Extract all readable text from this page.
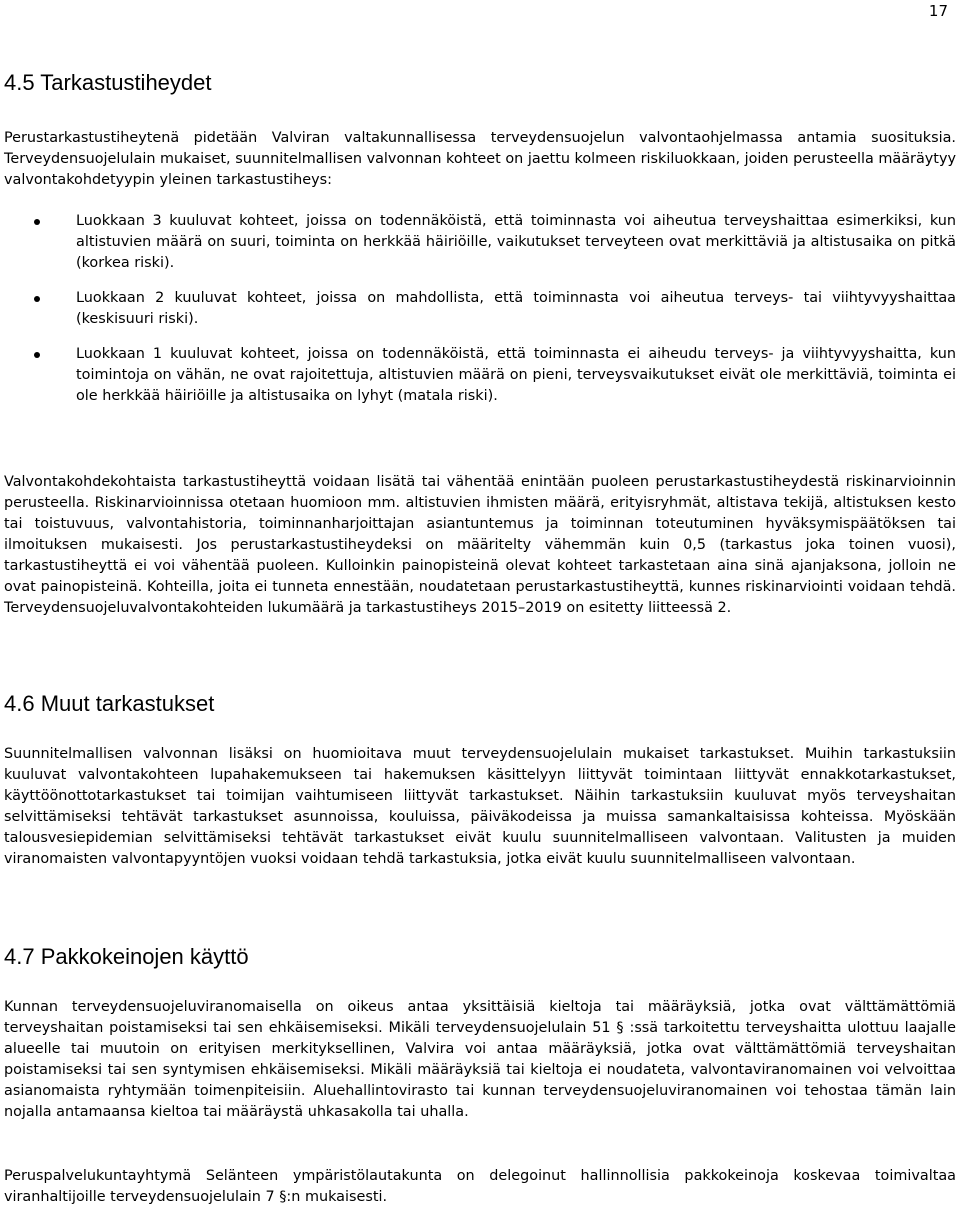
17
4.5 Tarkastustiheydet

Perustarkastustiheytenä pidetään Valviran valtakunnallisessa terveydensuojelun valvontaohjelmassa antamia suosituksia. Terveydensuojelulain mukaiset, suunnitelmallisen valvonnan kohteet on jaettu kolmeen riskiluokkaan, joiden perusteella määräytyy valvontakohdetyypin yleinen tarkastustiheys:

Luokkaan 3 kuuluvat kohteet, joissa on todennäköistä, että toiminnasta voi aiheutua terveyshaittaa esimerkiksi, kun altistuvien määrä on suuri, toiminta on herkkää häiriöille, vaikutukset terveyteen ovat merkittäviä ja altistusaika on pitkä (korkea riski).
Luokkaan 2 kuuluvat kohteet, joissa on mahdollista, että toiminnasta voi aiheutua terveys- tai viihtyvyyshaittaa (keskisuuri riski).
Luokkaan 1 kuuluvat kohteet, joissa on todennäköistä, että toiminnasta ei aiheudu terveys- ja viihtyvyyshaitta, kun toimintoja on vähän, ne ovat rajoitettuja, altistuvien määrä on pieni, terveysvaikutukset eivät ole merkittäviä, toiminta ei ole herkkää häiriöille ja altistusaika on lyhyt (matala riski).

Valvontakohdekohtaista tarkastustiheyttä voidaan lisätä tai vähentää enintään puoleen perustarkastustiheydestä riskinarvioinnin perusteella. Riskinarvioinnissa otetaan huomioon mm. altistuvien ihmisten määrä, erityisryhmät, altistava tekijä, altistuksen kesto tai toistuvuus, valvontahistoria, toiminnanharjoittajan asiantuntemus ja toiminnan toteutuminen hyväksymispäätöksen tai ilmoituksen mukaisesti. Jos perustarkastustiheydeksi on määritelty vähemmän kuin 0,5 (tarkastus joka toinen vuosi), tarkastustiheyttä ei voi vähentää puoleen. Kulloinkin painopisteinä olevat kohteet tarkastetaan aina sinä ajanjaksona, jolloin ne ovat painopisteinä. Kohteilla, joita ei tunneta ennestään, noudatetaan perustarkastustiheyttä, kunnes riskinarviointi voidaan tehdä. Terveydensuojeluvalvontakohteiden lukumäärä ja tarkastustiheys 2015–2019 on esitetty liitteessä 2.

4.6 Muut tarkastukset

Suunnitelmallisen valvonnan lisäksi on huomioitava muut terveydensuojelulain mukaiset tarkastukset. Muihin tarkastuksiin kuuluvat valvontakohteen lupahakemukseen tai hakemuksen käsittelyyn liittyvät toimintaan liittyvät ennakkotarkastukset, käyttöönottotarkastukset tai toimijan vaihtumiseen liittyvät tarkastukset. Näihin tarkastuksiin kuuluvat myös terveyshaitan selvittämiseksi tehtävät tarkastukset asunnoissa, kouluissa, päiväkodeissa ja muissa samankaltaisissa kohteissa. Myöskään talousvesiepidemian selvittämiseksi tehtävät tarkastukset eivät kuulu suunnitelmalliseen valvontaan. Valitusten ja muiden viranomaisten valvontapyyntöjen vuoksi voidaan tehdä tarkastuksia, jotka eivät kuulu suunnitelmalliseen valvontaan.

4.7 Pakkokeinojen käyttö

Kunnan terveydensuojeluviranomaisella on oikeus antaa yksittäisiä kieltoja tai määräyksiä, jotka ovat välttämättömiä terveyshaitan poistamiseksi tai sen ehkäisemiseksi. Mikäli terveydensuojelulain 51 § :ssä tarkoitettu terveyshaitta ulottuu laajalle alueelle tai muutoin on erityisen merkityksellinen, Valvira voi antaa määräyksiä, jotka ovat välttämättömiä terveyshaitan poistamiseksi tai sen syntymisen ehkäisemiseksi. Mikäli määräyksiä tai kieltoja ei noudateta, valvontaviranomainen voi velvoittaa asianomaista ryhtymään toimenpiteisiin. Aluehallintovirasto tai kunnan terveydensuojeluviranomainen voi tehostaa tämän lain nojalla antamaansa kieltoa tai määräystä uhkasakolla tai uhalla.

Peruspalvelukuntayhtymä Selänteen ympäristölautakunta on delegoinut hallinnollisia pakkokeinoja koskevaa toimivaltaa viranhaltijoille terveydensuojelulain 7 §:n mukaisesti.
